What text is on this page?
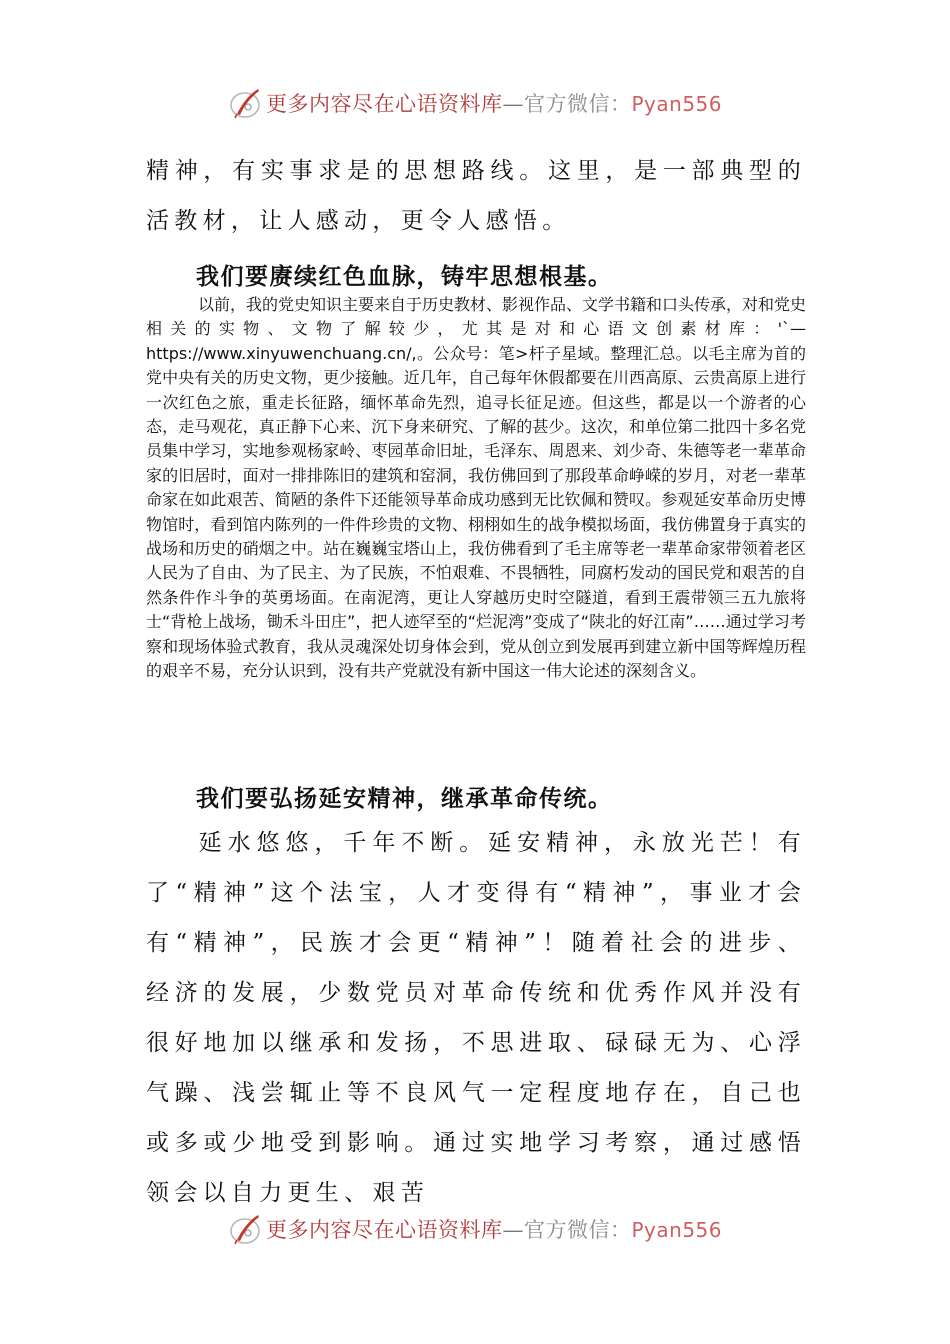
更多内容尽在心语资料库—官方微信：Pyan556

精神，有实事求是的思想路线。这里，是一部典型的活教材，让人感动，更令人感悟。

我们要赓续红色血脉，铸牢思想根基。

以前，我的党史知识主要来自于历史教材、影视作品、文学书籍和口头传承，对和党史相关的实物、文物了解较少，尤其是对和心语文创素材库：'`—https://www.xinyuwenchuang.cn/,。公众号：笔>杆子星域。整理汇总。以毛主席为首的党中央有关的历史文物，更少接触。近几年，自己每年休假都要在川西高原、云贵高原上进行一次红色之旅，重走长征路，缅怀革命先烈，追寻长征足迹。但这些，都是以一个游者的心态，走马观花，真正静下心来、沉下身来研究、了解的甚少。这次，和单位第二批四十多名党员集中学习，实地参观杨家岭、枣园革命旧址，毛泽东、周恩来、刘少奇、朱德等老一辈革命家的旧居时，面对一排排陈旧的建筑和窑洞，我仿佛回到了那段革命峥嵘的岁月，对老一辈革命家在如此艰苦、简陋的条件下还能领导革命成功感到无比钦佩和赞叹。参观延安革命历史博物馆时，看到馆内陈列的一件件珍贵的文物、栩栩如生的战争模拟场面，我仿佛置身于真实的战场和历史的硝烟之中。站在巍巍宝塔山上，我仿佛看到了毛主席等老一辈革命家带领着老区人民为了自由、为了民主、为了民族，不怕艰难、不畏牺牲，同腐朽发动的国民党和艰苦的自然条件作斗争的英勇场面。在南泥湾，更让人穿越历史时空隧道，看到王震带领三五九旅将士“背枪上战场，锄禾斗田庄”，把人迹罕至的“烂泥湾”变成了“陕北的好江南”……通过学习考察和现场体验式教育，我从灵魂深处切身体会到，党从创立到发展再到建立新中国等辉煌历程的艰辛不易，充分认识到，没有共产党就没有新中国这一伟大论述的深刻含义。

我们要弘扬延安精神，继承革命传统。

延水悠悠，千年不断。延安精神，永放光芒！有了“精神”这个法宝，人才变得有“精神”，事业才会有“精神”，民族才会更“精神”！随着社会的进步、经济的发展，少数党员对革命传统和优秀作风并没有很好地加以继承和发扬，不思进取、碌碌无为、心浮气躁、浅尝辄止等不良风气一定程度地存在，自己也或多或少地受到影响。通过实地学习考察，通过感悟领会以自力更生、艰苦

更多内容尽在心语资料库—官方微信：Pyan556
